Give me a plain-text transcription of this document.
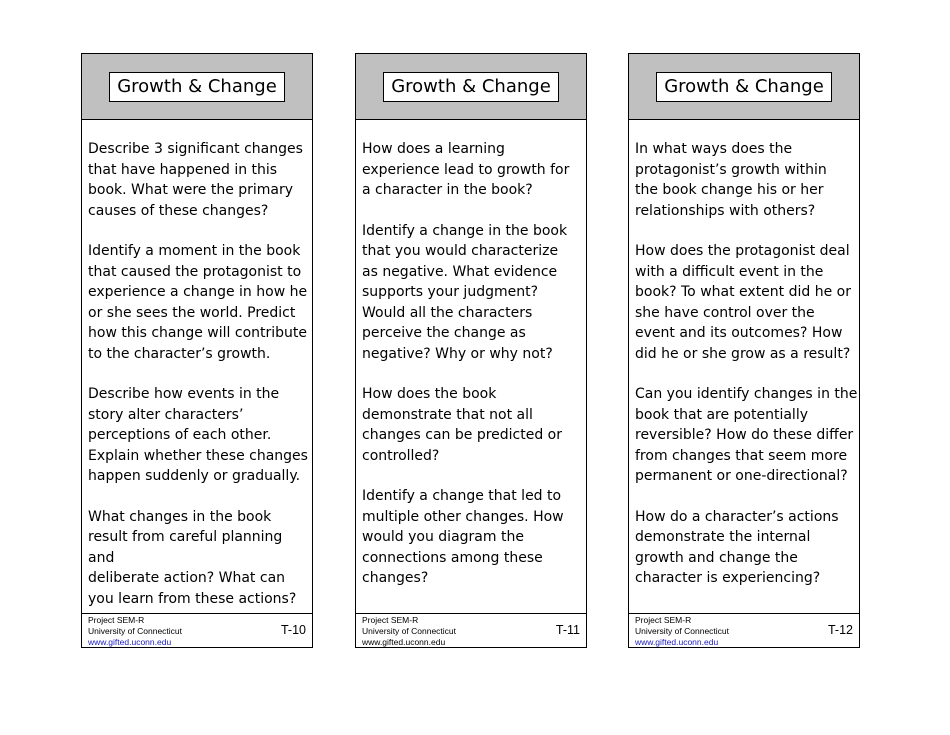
Growth & Change

Describe 3 significant changes
that have happened in this
book. What were the primary
causes of these changes?

Identify a moment in the book
that caused the protagonist to
experience a change in how he
or she sees the world. Predict
how this change will contribute
to the character’s growth.

Describe how events in the
story alter characters’
perceptions of each other.
Explain whether these changes
happen suddenly or gradually.

What changes in the book
result from careful planning and
deliberate action? What can
you learn from these actions?

Project SEM-R
University of Connecticut
www.gifted.uconn.edu
T-10
Growth & Change

How does a learning
experience lead to growth for
a character in the book?

Identify a change in the book
that you would characterize
as negative. What evidence
supports your judgment?
Would all the characters
perceive the change as
negative? Why or why not?

How does the book
demonstrate that not all
changes can be predicted or
controlled?

Identify a change that led to
multiple other changes. How
would you diagram the
connections among these
changes?

Project SEM-R
University of Connecticut
www.gifted.uconn.edu
T-11
Growth & Change

In what ways does the
protagonist’s growth within
the book change his or her
relationships with others?

How does the protagonist deal
with a difficult event in the
book? To what extent did he or
she have control over the
event and its outcomes? How
did he or she grow as a result?

Can you identify changes in the
book that are potentially
reversible? How do these differ
from changes that seem more
permanent or one-directional?

How do a character’s actions
demonstrate the internal
growth and change the
character is experiencing?

Project SEM-R
University of Connecticut
www.gifted.uconn.edu
T-12
